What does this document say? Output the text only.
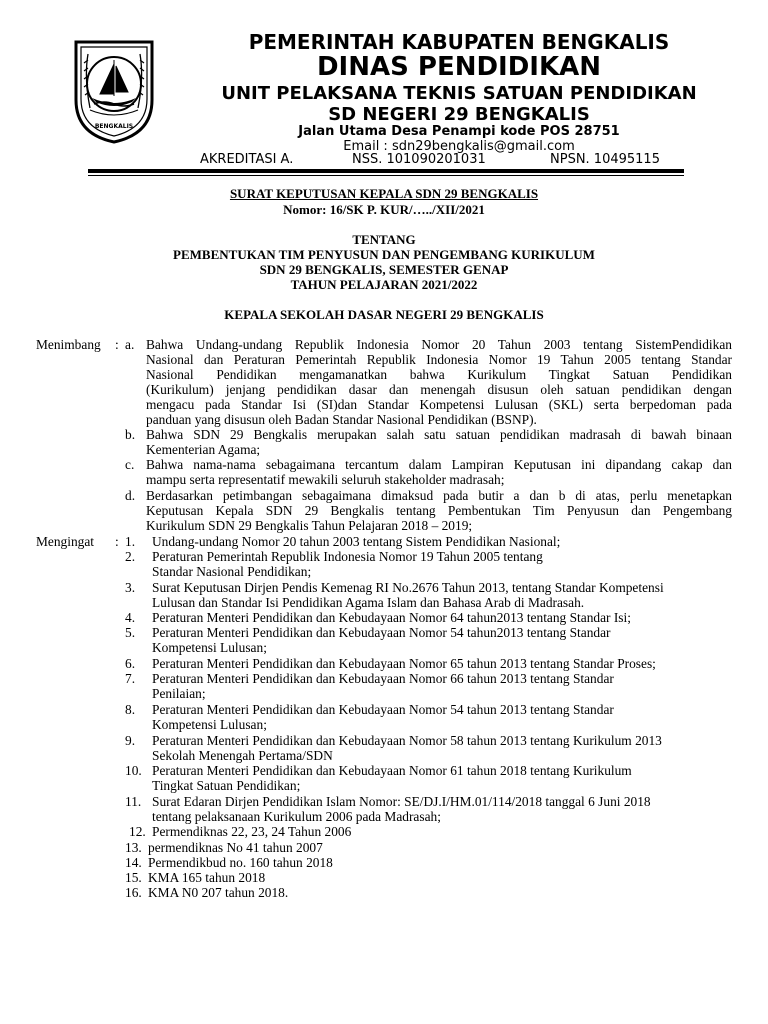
BENGKALIS
PEMERINTAH KABUPATEN BENGKALIS
DINAS PENDIDIKAN
UNIT PELAKSANA TEKNIS SATUAN PENDIDIKAN
SD NEGERI 29 BENGKALIS
Jalan Utama Desa Penampi kode POS 28751
Email : sdn29bengkalis@gmail.com
AKREDITASI A.	NSS. 101090201031	NPSN. 10495115
SURAT KEPUTUSAN KEPALA SDN 29 BENGKALIS
Nomor: 16/SK P. KUR/…../XII/2021
TENTANG
PEMBENTUKAN TIM PENYUSUN DAN PENGEMBANG KURIKULUM
SDN 29 BENGKALIS, SEMESTER GENAP
TAHUN PELAJARAN 2021/2022
KEPALA SEKOLAH DASAR NEGERI 29 BENGKALIS
Menimbang : a. Bahwa Undang-undang Republik Indonesia Nomor 20 Tahun 2003 tentang SistemPendidikan
Nasional dan Peraturan Pemerintah Republik Indonesia Nomor 19 Tahun 2005 tentang Standar
Nasional Pendidikan mengamanatkan bahwa Kurikulum Tingkat Satuan Pendidikan
(Kurikulum) jenjang pendidikan dasar dan menengah disusun oleh satuan pendidikan dengan
mengacu pada Standar Isi (SI)dan Standar Kompetensi Lulusan (SKL) serta berpedoman pada
panduan yang disusun oleh Badan Standar Nasional Pendidikan (BSNP).
b. Bahwa SDN 29 Bengkalis merupakan salah satu satuan pendidikan madrasah di bawah binaan
Kementerian Agama;
c. Bahwa nama-nama sebagaimana tercantum dalam Lampiran Keputusan ini dipandang cakap dan
mampu serta representatif mewakili seluruh stakeholder madrasah;
d. Berdasarkan petimbangan sebagaimana dimaksud pada butir a dan b di atas, perlu menetapkan
Keputusan Kepala SDN 29 Bengkalis tentang Pembentukan Tim Penyusun dan Pengembang
Kurikulum SDN 29 Bengkalis Tahun Pelajaran 2018 – 2019;
Mengingat : 1. Undang-undang Nomor 20 tahun 2003 tentang Sistem Pendidikan Nasional;
2. Peraturan Pemerintah Republik Indonesia Nomor 19 Tahun 2005 tentang
Standar Nasional Pendidikan;
3. Surat Keputusan Dirjen Pendis Kemenag RI No.2676 Tahun 2013, tentang Standar Kompetensi
Lulusan dan Standar Isi Pendidikan Agama Islam dan Bahasa Arab di Madrasah.
4. Peraturan Menteri Pendidikan dan Kebudayaan Nomor 64 tahun2013 tentang Standar Isi;
5. Peraturan Menteri Pendidikan dan Kebudayaan Nomor 54 tahun2013 tentang Standar
Kompetensi Lulusan;
6. Peraturan Menteri Pendidikan dan Kebudayaan Nomor 65 tahun 2013 tentang Standar Proses;
7. Peraturan Menteri Pendidikan dan Kebudayaan Nomor 66 tahun 2013 tentang Standar
Penilaian;
8. Peraturan Menteri Pendidikan dan Kebudayaan Nomor 54 tahun 2013 tentang Standar
Kompetensi Lulusan;
9. Peraturan Menteri Pendidikan dan Kebudayaan Nomor 58 tahun 2013 tentang Kurikulum 2013
Sekolah Menengah Pertama/SDN
10. Peraturan Menteri Pendidikan dan Kebudayaan Nomor 61 tahun 2018 tentang Kurikulum
Tingkat Satuan Pendidikan;
11. Surat Edaran Dirjen Pendidikan Islam Nomor: SE/DJ.I/HM.01/114/2018 tanggal 6 Juni 2018
tentang pelaksanaan Kurikulum 2006 pada Madrasah;
12. Permendiknas 22, 23, 24 Tahun 2006
13. permendiknas No 41 tahun 2007
14. Permendikbud no. 160 tahun 2018
15. KMA 165 tahun 2018
16. KMA N0 207 tahun 2018.
